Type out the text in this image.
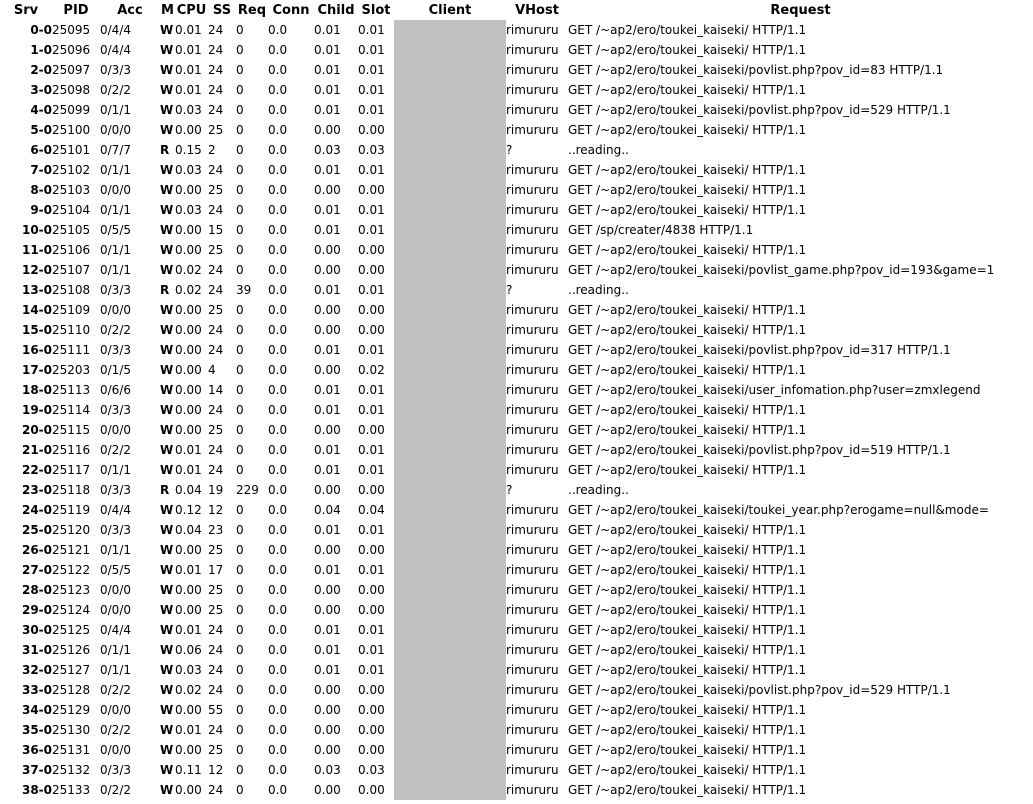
Srv	PID	Acc	M	CPU	SS	Req	Conn	Child	Slot	Client	VHost	Request
0-0	25095	0/4/4	W	0.01	24	0	0.0	0.01	0.01		rimururu	GET /~ap2/ero/toukei_kaiseki/ HTTP/1.1
1-0	25096	0/4/4	W	0.01	24	0	0.0	0.01	0.01		rimururu	GET /~ap2/ero/toukei_kaiseki/ HTTP/1.1
2-0	25097	0/3/3	W	0.01	24	0	0.0	0.01	0.01		rimururu	GET /~ap2/ero/toukei_kaiseki/povlist.php?pov_id=83 HTTP/1.1
3-0	25098	0/2/2	W	0.01	24	0	0.0	0.01	0.01		rimururu	GET /~ap2/ero/toukei_kaiseki/ HTTP/1.1
4-0	25099	0/1/1	W	0.03	24	0	0.0	0.01	0.01		rimururu	GET /~ap2/ero/toukei_kaiseki/povlist.php?pov_id=529 HTTP/1.1
5-0	25100	0/0/0	W	0.00	25	0	0.0	0.00	0.00		rimururu	GET /~ap2/ero/toukei_kaiseki/ HTTP/1.1
6-0	25101	0/7/7	R	0.15	2	0	0.0	0.03	0.03		?	..reading..
7-0	25102	0/1/1	W	0.03	24	0	0.0	0.01	0.01		rimururu	GET /~ap2/ero/toukei_kaiseki/ HTTP/1.1
8-0	25103	0/0/0	W	0.00	25	0	0.0	0.00	0.00		rimururu	GET /~ap2/ero/toukei_kaiseki/ HTTP/1.1
9-0	25104	0/1/1	W	0.03	24	0	0.0	0.01	0.01		rimururu	GET /~ap2/ero/toukei_kaiseki/ HTTP/1.1
10-0	25105	0/5/5	W	0.00	15	0	0.0	0.01	0.01		rimururu	GET /sp/creater/4838 HTTP/1.1
11-0	25106	0/1/1	W	0.00	25	0	0.0	0.00	0.00		rimururu	GET /~ap2/ero/toukei_kaiseki/ HTTP/1.1
12-0	25107	0/1/1	W	0.02	24	0	0.0	0.00	0.00		rimururu	GET /~ap2/ero/toukei_kaiseki/povlist_game.php?pov_id=193&game=1
13-0	25108	0/3/3	R	0.02	24	39	0.0	0.01	0.01		?	..reading..
14-0	25109	0/0/0	W	0.00	25	0	0.0	0.00	0.00		rimururu	GET /~ap2/ero/toukei_kaiseki/ HTTP/1.1
15-0	25110	0/2/2	W	0.00	24	0	0.0	0.00	0.00		rimururu	GET /~ap2/ero/toukei_kaiseki/ HTTP/1.1
16-0	25111	0/3/3	W	0.00	24	0	0.0	0.01	0.01		rimururu	GET /~ap2/ero/toukei_kaiseki/povlist.php?pov_id=317 HTTP/1.1
17-0	25203	0/1/5	W	0.00	4	0	0.0	0.00	0.02		rimururu	GET /~ap2/ero/toukei_kaiseki/ HTTP/1.1
18-0	25113	0/6/6	W	0.00	14	0	0.0	0.01	0.01		rimururu	GET /~ap2/ero/toukei_kaiseki/user_infomation.php?user=zmxlegend
19-0	25114	0/3/3	W	0.00	24	0	0.0	0.01	0.01		rimururu	GET /~ap2/ero/toukei_kaiseki/ HTTP/1.1
20-0	25115	0/0/0	W	0.00	25	0	0.0	0.00	0.00		rimururu	GET /~ap2/ero/toukei_kaiseki/ HTTP/1.1
21-0	25116	0/2/2	W	0.01	24	0	0.0	0.01	0.01		rimururu	GET /~ap2/ero/toukei_kaiseki/povlist.php?pov_id=519 HTTP/1.1
22-0	25117	0/1/1	W	0.01	24	0	0.0	0.01	0.01		rimururu	GET /~ap2/ero/toukei_kaiseki/ HTTP/1.1
23-0	25118	0/3/3	R	0.04	19	229	0.0	0.00	0.00		?	..reading..
24-0	25119	0/4/4	W	0.12	12	0	0.0	0.04	0.04		rimururu	GET /~ap2/ero/toukei_kaiseki/toukei_year.php?erogame=null&mode=
25-0	25120	0/3/3	W	0.04	23	0	0.0	0.01	0.01		rimururu	GET /~ap2/ero/toukei_kaiseki/ HTTP/1.1
26-0	25121	0/1/1	W	0.00	25	0	0.0	0.00	0.00		rimururu	GET /~ap2/ero/toukei_kaiseki/ HTTP/1.1
27-0	25122	0/5/5	W	0.01	17	0	0.0	0.01	0.01		rimururu	GET /~ap2/ero/toukei_kaiseki/ HTTP/1.1
28-0	25123	0/0/0	W	0.00	25	0	0.0	0.00	0.00		rimururu	GET /~ap2/ero/toukei_kaiseki/ HTTP/1.1
29-0	25124	0/0/0	W	0.00	25	0	0.0	0.00	0.00		rimururu	GET /~ap2/ero/toukei_kaiseki/ HTTP/1.1
30-0	25125	0/4/4	W	0.01	24	0	0.0	0.01	0.01		rimururu	GET /~ap2/ero/toukei_kaiseki/ HTTP/1.1
31-0	25126	0/1/1	W	0.06	24	0	0.0	0.01	0.01		rimururu	GET /~ap2/ero/toukei_kaiseki/ HTTP/1.1
32-0	25127	0/1/1	W	0.03	24	0	0.0	0.01	0.01		rimururu	GET /~ap2/ero/toukei_kaiseki/ HTTP/1.1
33-0	25128	0/2/2	W	0.02	24	0	0.0	0.00	0.00		rimururu	GET /~ap2/ero/toukei_kaiseki/povlist.php?pov_id=529 HTTP/1.1
34-0	25129	0/0/0	W	0.00	55	0	0.0	0.00	0.00		rimururu	GET /~ap2/ero/toukei_kaiseki/ HTTP/1.1
35-0	25130	0/2/2	W	0.01	24	0	0.0	0.00	0.00		rimururu	GET /~ap2/ero/toukei_kaiseki/ HTTP/1.1
36-0	25131	0/0/0	W	0.00	25	0	0.0	0.00	0.00		rimururu	GET /~ap2/ero/toukei_kaiseki/ HTTP/1.1
37-0	25132	0/3/3	W	0.11	12	0	0.0	0.03	0.03		rimururu	GET /~ap2/ero/toukei_kaiseki/ HTTP/1.1
38-0	25133	0/2/2	W	0.00	24	0	0.0	0.00	0.00		rimururu	GET /~ap2/ero/toukei_kaiseki/ HTTP/1.1
